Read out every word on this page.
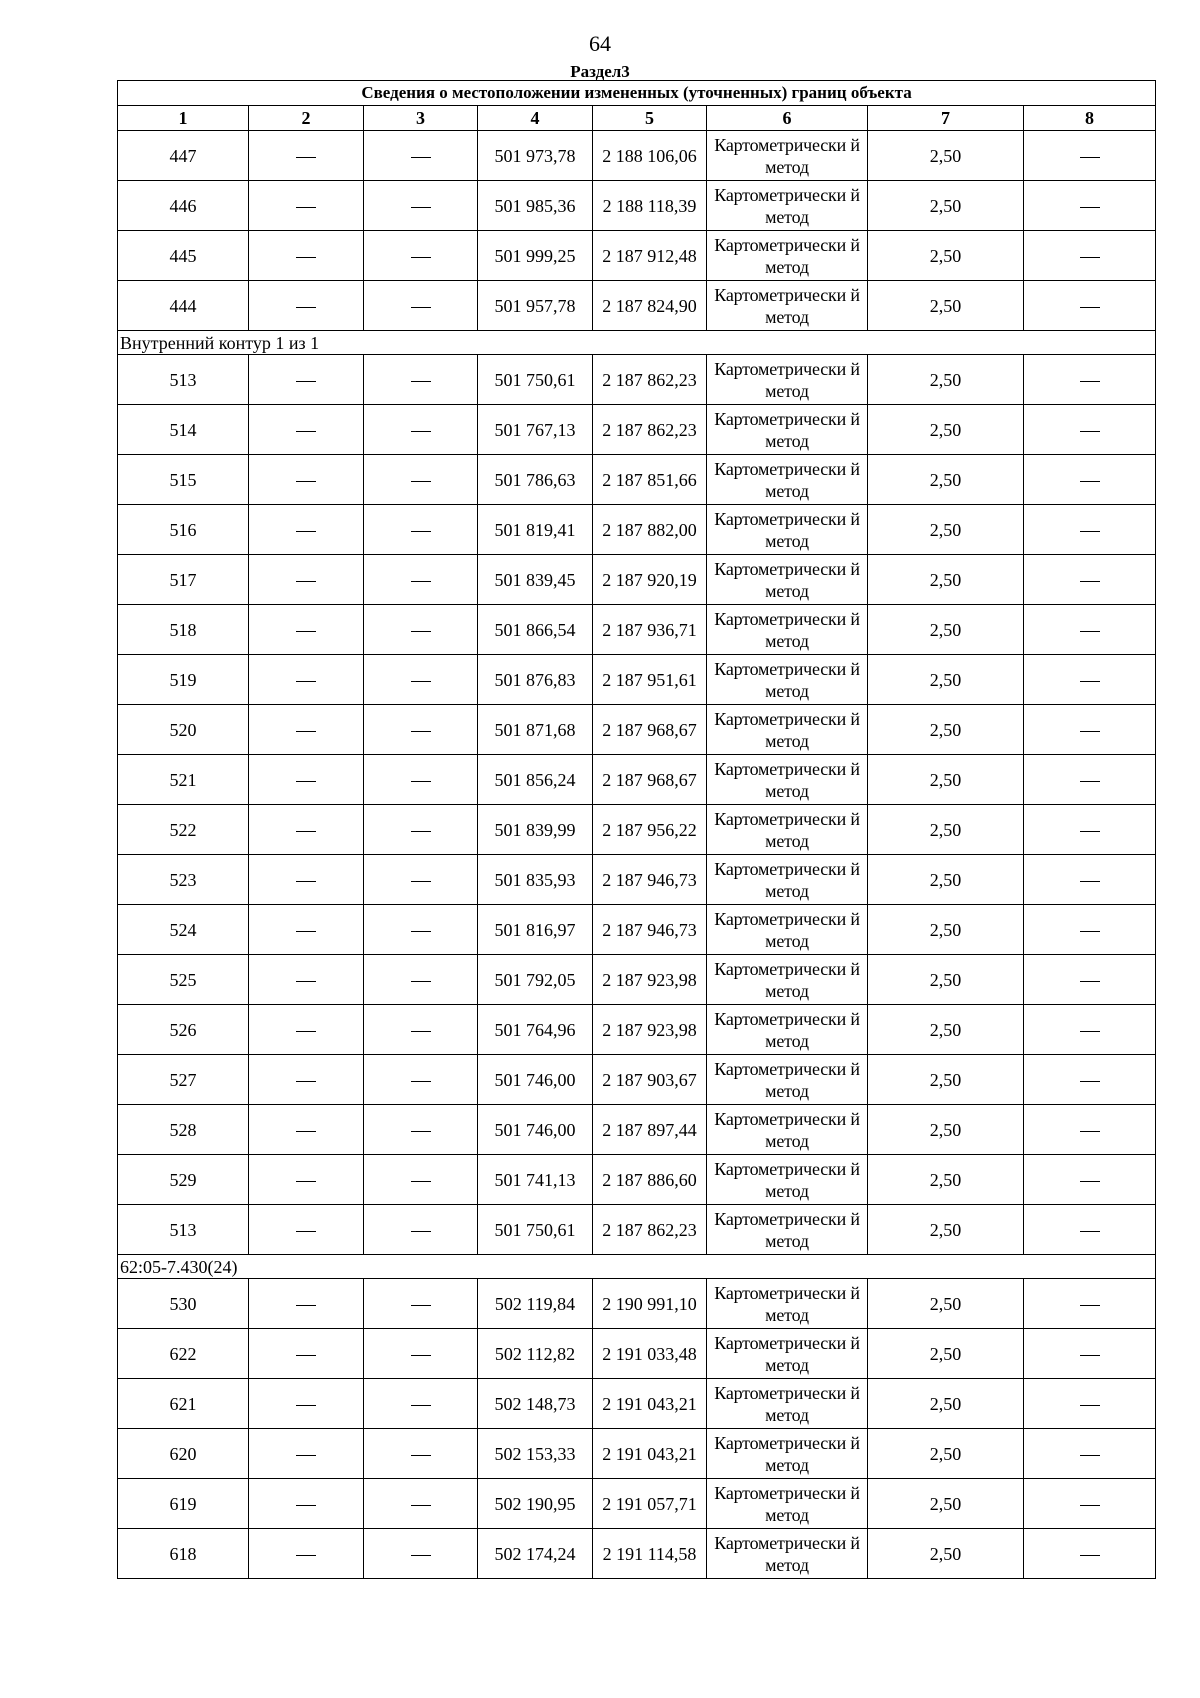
64
Раздел3
Сведения о местоположении измененных (уточненных) границ объекта							
1	2	3	4	5	6	7	8
447			501 973,78	2 188 106,06	Картометрически й метод	2,50	
446			501 985,36	2 188 118,39	Картометрически й метод	2,50	
445			501 999,25	2 187 912,48	Картометрически й метод	2,50	
444			501 957,78	2 187 824,90	Картометрически й метод	2,50	
Внутренний контур 1 из 1							
513			501 750,61	2 187 862,23	Картометрически й метод	2,50	
514			501 767,13	2 187 862,23	Картометрически й метод	2,50	
515			501 786,63	2 187 851,66	Картометрически й метод	2,50	
516			501 819,41	2 187 882,00	Картометрически й метод	2,50	
517			501 839,45	2 187 920,19	Картометрически й метод	2,50	
518			501 866,54	2 187 936,71	Картометрически й метод	2,50	
519			501 876,83	2 187 951,61	Картометрически й метод	2,50	
520			501 871,68	2 187 968,67	Картометрически й метод	2,50	
521			501 856,24	2 187 968,67	Картометрически й метод	2,50	
522			501 839,99	2 187 956,22	Картометрически й метод	2,50	
523			501 835,93	2 187 946,73	Картометрически й метод	2,50	
524			501 816,97	2 187 946,73	Картометрически й метод	2,50	
525			501 792,05	2 187 923,98	Картометрически й метод	2,50	
526			501 764,96	2 187 923,98	Картометрически й метод	2,50	
527			501 746,00	2 187 903,67	Картометрически й метод	2,50	
528			501 746,00	2 187 897,44	Картометрически й метод	2,50	
529			501 741,13	2 187 886,60	Картометрически й метод	2,50	
513			501 750,61	2 187 862,23	Картометрически й метод	2,50	
62:05-7.430(24)							
530			502 119,84	2 190 991,10	Картометрически й метод	2,50	
622			502 112,82	2 191 033,48	Картометрически й метод	2,50	
621			502 148,73	2 191 043,21	Картометрически й метод	2,50	
620			502 153,33	2 191 043,21	Картометрически й метод	2,50	
619			502 190,95	2 191 057,71	Картометрически й метод	2,50	
618			502 174,24	2 191 114,58	Картометрически й метод	2,50	
